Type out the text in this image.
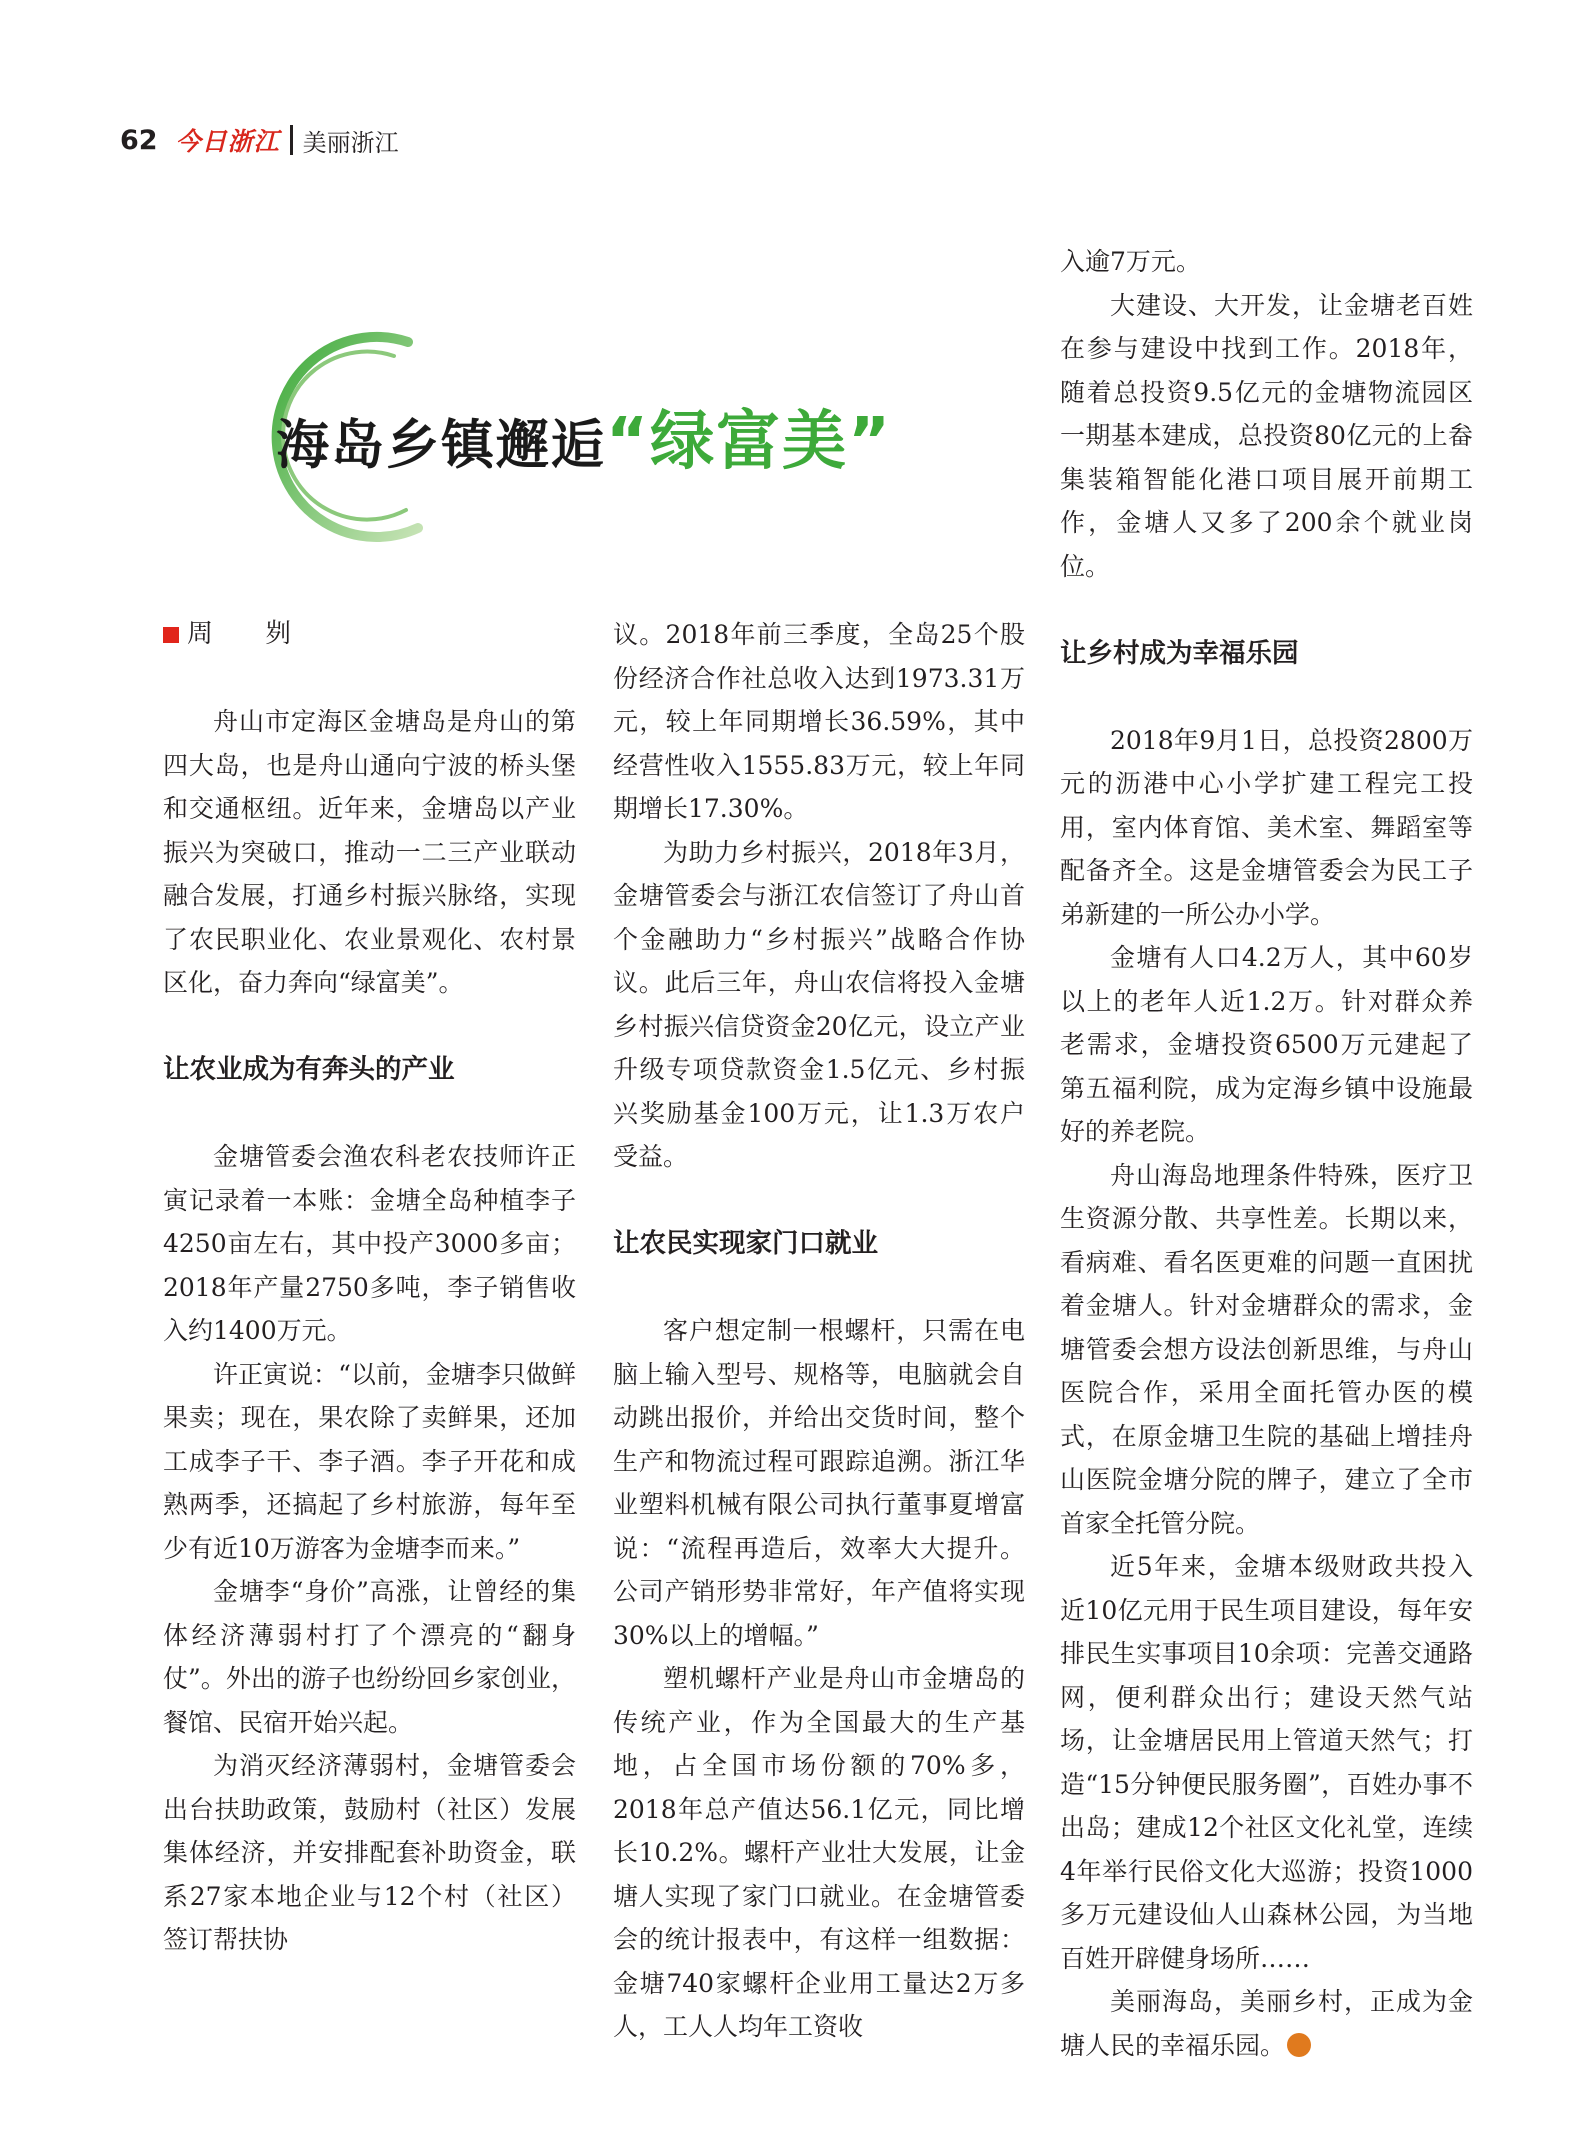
62 今日浙江 美丽浙江
海岛乡镇邂逅“绿富美”
周 刿

舟山市定海区金塘岛是舟山的第四大岛，也是舟山通向宁波的桥头堡和交通枢纽。近年来，金塘岛以产业振兴为突破口，推动一二三产业联动融合发展，打通乡村振兴脉络，实现了农民职业化、农业景观化、农村景区化，奋力奔向“绿富美”。

让农业成为有奔头的产业

金塘管委会渔农科老农技师许正寅记录着一本账：金塘全岛种植李子4250亩左右，其中投产3000多亩；2018年产量2750多吨，李子销售收入约1400万元。

许正寅说：“以前，金塘李只做鲜果卖；现在，果农除了卖鲜果，还加工成李子干、李子酒。李子开花和成熟两季，还搞起了乡村旅游，每年至少有近10万游客为金塘李而来。”

金塘李“身价”高涨，让曾经的集体经济薄弱村打了个漂亮的“翻身仗”。外出的游子也纷纷回乡家创业，餐馆、民宿开始兴起。

为消灭经济薄弱村，金塘管委会出台扶助政策，鼓励村（社区）发展集体经济，并安排配套补助资金，联系27家本地企业与12个村（社区）签订帮扶协

议。2018年前三季度，全岛25个股份经济合作社总收入达到1973.31万元，较上年同期增长36.59%，其中经营性收入1555.83万元，较上年同期增长17.30%。

为助力乡村振兴，2018年3月，金塘管委会与浙江农信签订了舟山首个金融助力“乡村振兴”战略合作协议。此后三年，舟山农信将投入金塘乡村振兴信贷资金20亿元，设立产业升级专项贷款资金1.5亿元、乡村振兴奖励基金100万元，让1.3万农户受益。

让农民实现家门口就业

客户想定制一根螺杆，只需在电脑上输入型号、规格等，电脑就会自动跳出报价，并给出交货时间，整个生产和物流过程可跟踪追溯。浙江华业塑料机械有限公司执行董事夏增富说：“流程再造后，效率大大提升。公司产销形势非常好，年产值将实现30%以上的增幅。”

塑机螺杆产业是舟山市金塘岛的传统产业，作为全国最大的生产基地，占全国市场份额的70%多，2018年总产值达56.1亿元，同比增长10.2%。螺杆产业壮大发展，让金塘人实现了家门口就业。在金塘管委会的统计报表中，有这样一组数据：金塘740家螺杆企业用工量达2万多人，工人人均年工资收

入逾7万元。

大建设、大开发，让金塘老百姓在参与建设中找到工作。2018年，随着总投资9.5亿元的金塘物流园区一期基本建成，总投资80亿元的上畚集装箱智能化港口项目展开前期工作，金塘人又多了200余个就业岗位。

让乡村成为幸福乐园

2018年9月1日，总投资2800万元的沥港中心小学扩建工程完工投用，室内体育馆、美术室、舞蹈室等配备齐全。这是金塘管委会为民工子弟新建的一所公办小学。

金塘有人口4.2万人，其中60岁以上的老年人近1.2万。针对群众养老需求，金塘投资6500万元建起了第五福利院，成为定海乡镇中设施最好的养老院。

舟山海岛地理条件特殊，医疗卫生资源分散、共享性差。长期以来，看病难、看名医更难的问题一直困扰着金塘人。针对金塘群众的需求，金塘管委会想方设法创新思维，与舟山医院合作，采用全面托管办医的模式，在原金塘卫生院的基础上增挂舟山医院金塘分院的牌子，建立了全市首家全托管分院。

近5年来，金塘本级财政共投入近10亿元用于民生项目建设，每年安排民生实事项目10余项：完善交通路网，便利群众出行；建设天然气站场，让金塘居民用上管道天然气；打造“15分钟便民服务圈”，百姓办事不出岛；建成12个社区文化礼堂，连续4年举行民俗文化大巡游；投资1000多万元建设仙人山森林公园，为当地百姓开辟健身场所……

美丽海岛，美丽乡村，正成为金塘人民的幸福乐园。
